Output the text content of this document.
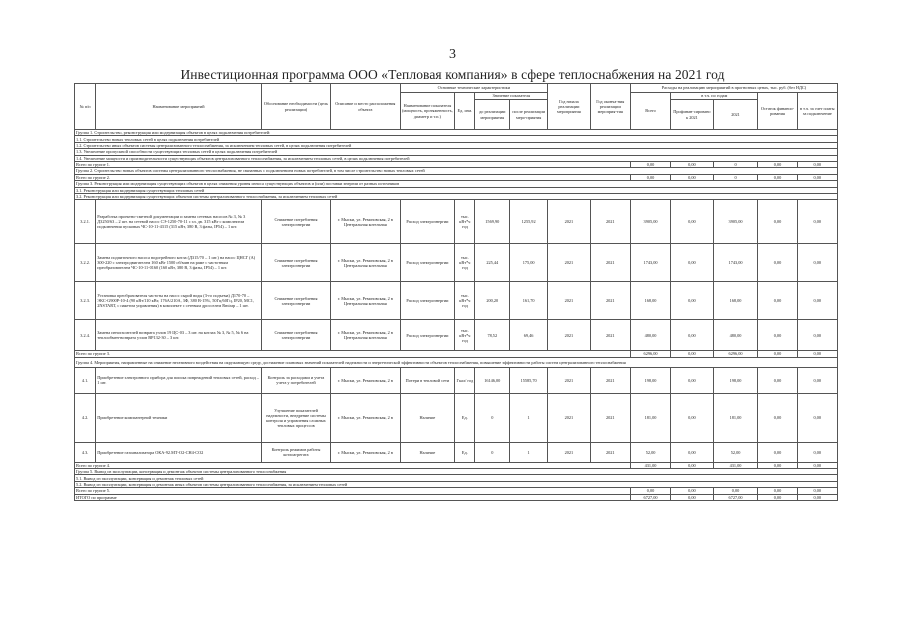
3
Инвестиционная программа ООО «Тепловая компания» в сфере теплоснабжения на 2021 год
№ п/п	Наименование мероприятий	Обоснование необходимости (цель реализации)	Описание и место расположения объекта	Основные технические характеристики				Год начала реализации мероприятия	Год оконча-ния реализации мероприя-тия	Расходы на реализацию мероприятий в прогнозных ценах, тыс. руб. (без НДС)				
				Наименование показателя (мощность, протяженность, диаметр и т.п.)	Ед. изм.	Значение показателя				Всего	в т.ч. по годам		Остаток финанси-рования	в т.ч. за счет платы за подключение
						до реализации мероприятия	после реализации меро-приятия				Профинан-сировано к 2021	2021		
Группа 1. Строительство, реконструкция или модернизация объектов в целях подключения потребителей:														
1.1. Строительство новых тепловых сетей в целях подключения потребителей														
1.2. Строительство иных объектов системы централизованного теплоснабжения, за исключением тепловых сетей, в целях подключения потребителей														
1.3. Увеличение пропускной способности существующих тепловых сетей в целях подключения потребителей														
1.4. Увеличение мощности и производительности существующих объектов централизованного теплоснабжения, за исключением тепловых сетей, в целях подключения потребителей														
Всего по группе 1.										0,00	0,00	0	0,00	0,00
Группа 2. Строительство новых объектов системы централизованного теплоснабжения, не связанных с подключением новых потребителей, в том числе строительство новых тепловых сетей														
Всего по группе 2.										0,00	0,00	0	0,00	0,00
Группа 3. Реконструкция или модернизация существующих объектов в целях снижения уровня износа существующих объектов и (или) поставки энергии от разных источников														
3.1. Реконструкция или модернизация существующих тепловых сетей														
3.2. Реконструкция или модернизация существующих объектов системы централизованного теплоснабжения, за исключением тепловых сетей														
3.2.1.	Разработка проектно-сметной документации и замена сетевых насосов № 3, № 3 Д3250/63 – 2 шт. на сетевой насос СЭ-1250-70-11 с эл. дв. 315 кВт с комплектом подключения пусковых ЧС-10-11-4315 (315 кВт, 380 В, 3 фазы, IP54) – 1 шт.	Снижение потребления электроэнергии	г. Мыски, ул. Ремизовская, 2 в Центральная котельная	Расход электроэнергии	тыс. кВт*ч год	1569,90	1255,92	2021	2021	3905,00	0,00	3905,00	0,00	0,00
3.2.2.	Замена подпиточного насоса водогрейного котла (Д315/70 – 1 шт.) на насос ЦНСГ (А) 300-220 с электродвигателем 160 кВт 1500 об/мин на раме с частотным преобразователем ЧС-10-11-0160 (160 кВт, 380 В, 3 фазы, IP54) – 1 шт.	Снижение потребления электроэнергии	г. Мыски, ул. Ремизовская, 2 в Центральная котельная	Расход электроэнергии	тыс. кВт*ч год	225,44	175,00	2021	2021	1743,00	0,00	1743,00	0,00	0,00
3.2.3.	Установка преобразователя частоты на насос сырой воды (3-го подъема) Д170-70 – ЭКС-G900P-10-4 (90 кВт/110 кВт, 176А/210А, 3Ф, 380 В-15%, 50Гц/60Гц, IP20, МС1, 2NSTART, с пакетом управления) в комплекте с сетевым дросселем Rmtrap – 1 шт.	Снижение потребления электроэнергии	г. Мыски, ул. Ремизовская, 2 в Центральная котельная	Расход электроэнергии	тыс. кВт*ч год	200,20	161,70	2021	2021	168,00	0,00	168,00	0,00	0,00
3.2.4.	Замена пеногасителей возврата узлов 19 ЦС-03 – 3 шт. на котлах № 3, № 5, № 6 на теплообмен-возврата узлов ВР132-30 – 3 шт.	Снижение потребления электроэнергии	г. Мыски, ул. Ремизовская, 2 в Центральная котельная	Расход электроэнергии	тыс. кВт*ч год	78,52	69,46	2021	2021	480,00	0,00	480,00	0,00	0,00
Всего по группе 3.										6296,00	0,00	6296,00	0,00	0,00
Группа 4. Мероприятия, направленные на снижение негативного воздействия на окружающую среду, достижение плановых значений показателей надежности и энергетической эффективности объектов теплоснабжения, повышение эффективности работы систем централизованного теплоснабжения														
4.1.	Приобретение электронного прибора для поиска повреждений тепловых сетей, расход – 1 шт.	Контроль за расходами и учета учета у потребителей	г. Мыски, ул. Ремизовская, 2 в	Потери в тепловой сети	Гкал/ год	16146,00	15585,70	2021	2021	198,00	0,00	198,00	0,00	0,00
4.2.	Приобретение компьютерной техники	Улучшение показателей надежности, внедрение системы контроля и управления сложных тепловых процессов	г. Мыски, ул. Ремизовская, 2 в	Наличие	Ед.	0	1	2021	2021	181,00	0,00	181,00	0,00	0,00
4.3.	Приобретение газоанализатора ОКА-92.МТ-О2-СН4-СО2	Контроль режимов работы котлоагрегата	г. Мыски, ул. Ремизовская, 2 в	Наличие	Ед.	0	1	2021	2021	52,00	0,00	52,00	0,00	0,00
Всего по группе 4.										431,00	0,00	431,00	0,00	0,00
Группа 5. Вывод из эксплуатации, консервация и демонтаж объектов системы централизованного теплоснабжения														
5.1. Вывод из эксплуатации, консервация и демонтаж тепловых сетей														
5.2. Вывод из эксплуатации, консервация и демонтаж иных объектов системы централизованного теплоснабжения, за исключением тепловых сетей														
Всего по группе 5.										0,00	0,00	0,00	0,00	0,00
ИТОГО по программе										6727,00	0,00	6727,00	0,00	0,00
